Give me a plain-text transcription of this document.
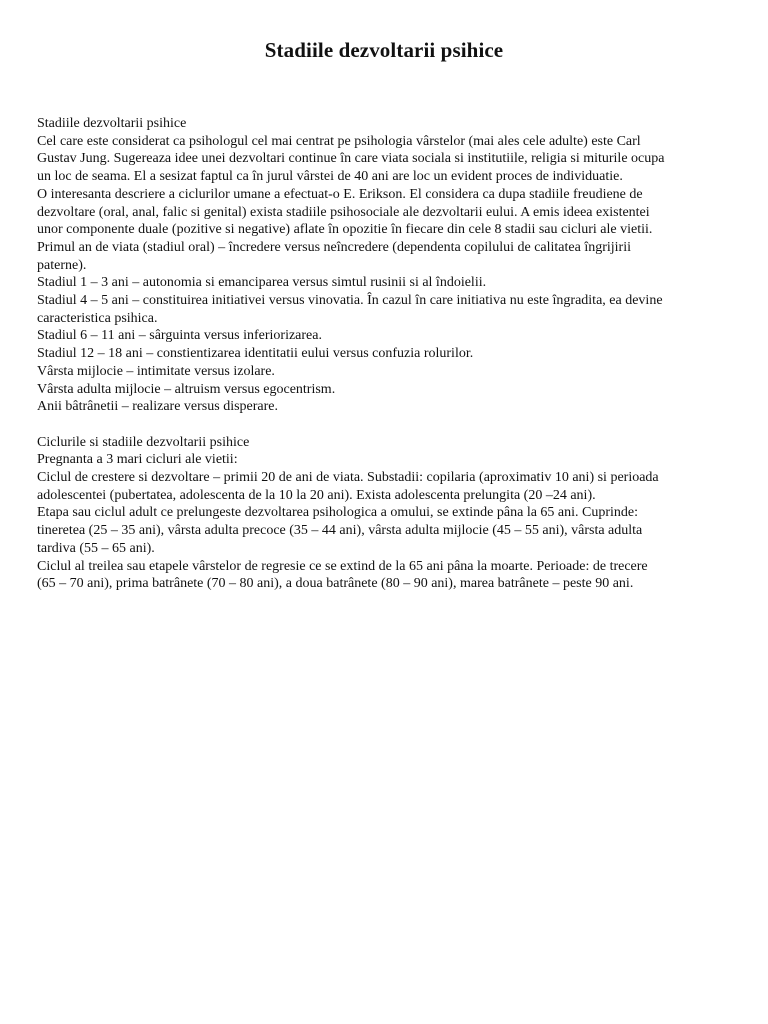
Stadiile dezvoltarii psihice
Stadiile dezvoltarii psihice
Cel care este considerat ca psihologul cel mai centrat pe psihologia vârstelor (mai ales cele adulte) este Carl
Gustav Jung. Sugereaza idee unei dezvoltari continue în care viata sociala si institutiile, religia si miturile ocupa
un loc de seama. El a sesizat faptul ca în jurul vârstei de 40 ani are loc un evident proces de individuatie.
O interesanta descriere a ciclurilor umane a efectuat-o E. Erikson. El considera ca dupa stadiile freudiene de
dezvoltare (oral, anal, falic si genital) exista stadiile psihosociale ale dezvoltarii eului. A emis ideea existentei
unor componente duale (pozitive si negative) aflate în opozitie în fiecare din cele 8 stadii sau cicluri ale vietii.
Primul an de viata (stadiul oral) – încredere versus neîncredere (dependenta copilului de calitatea îngrijirii
paterne).
Stadiul 1 – 3 ani – autonomia si emanciparea versus simtul rusinii si al îndoielii.
Stadiul 4 – 5 ani – constituirea initiativei versus vinovatia. În cazul în care initiativa nu este îngradita, ea devine
caracteristica psihica.
Stadiul 6 – 11 ani – sârguinta versus inferiorizarea.
Stadiul 12 – 18 ani – constientizarea identitatii eului versus confuzia rolurilor.
Vârsta mijlocie – intimitate versus izolare.
Vârsta adulta mijlocie – altruism versus egocentrism.
Anii bâtrânetii – realizare versus disperare.
Ciclurile si stadiile dezvoltarii psihice
Pregnanta a 3 mari cicluri ale vietii:
Ciclul de crestere si dezvoltare – primii 20 de ani de viata. Substadii: copilaria (aproximativ 10 ani) si perioada
adolescentei (pubertatea, adolescenta de la 10 la 20 ani). Exista adolescenta prelungita (20 –24 ani).
Etapa sau ciclul adult ce prelungeste dezvoltarea psihologica a omului, se extinde pâna la 65 ani. Cuprinde:
tineretea (25 – 35 ani), vârsta adulta precoce (35 – 44 ani), vârsta adulta mijlocie (45 – 55 ani), vârsta adulta
tardiva (55 – 65 ani).
Ciclul al treilea sau etapele vârstelor de regresie ce se extind de la 65 ani pâna la moarte. Perioade: de trecere
(65 – 70 ani), prima batrânete (70 – 80 ani), a doua batrânete (80 – 90 ani), marea batrânete – peste 90 ani.
